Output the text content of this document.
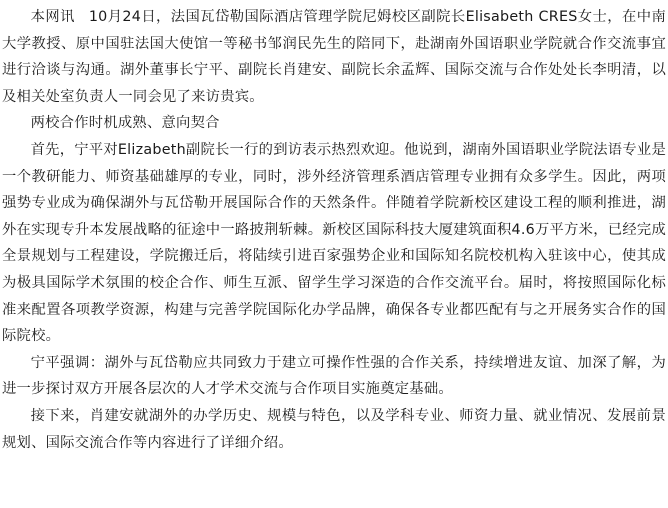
本网讯 10月24日，法国瓦岱勒国际酒店管理学院尼姆校区副院长Elisabeth CRES女士，在中南大学教授、原中国驻法国大使馆一等秘书邹润民先生的陪同下，赴湖南外国语职业学院就合作交流事宜进行洽谈与沟通。湖外董事长宁平、副院长肖建安、副院长余孟辉、国际交流与合作处处长李明清，以及相关处室负责人一同会见了来访贵宾。

两校合作时机成熟、意向契合

首先，宁平对Elizabeth副院长一行的到访表示热烈欢迎。他说到，湖南外国语职业学院法语专业是一个教研能力、师资基础雄厚的专业，同时，涉外经济管理系酒店管理专业拥有众多学生。因此，两项强势专业成为确保湖外与瓦岱勒开展国际合作的天然条件。伴随着学院新校区建设工程的顺利推进，湖外在实现专升本发展战略的征途中一路披荆斩棘。新校区国际科技大厦建筑面积4.6万平方米，已经完成全景规划与工程建设，学院搬迁后，将陆续引进百家强势企业和国际知名院校机构入驻该中心，使其成为极具国际学术氛围的校企合作、师生互派、留学生学习深造的合作交流平台。届时，将按照国际化标准来配置各项教学资源，构建与完善学院国际化办学品牌，确保各专业都匹配有与之开展务实合作的国际院校。

宁平强调：湖外与瓦岱勒应共同致力于建立可操作性强的合作关系，持续增进友谊、加深了解，为进一步探讨双方开展各层次的人才学术交流与合作项目实施奠定基础。

接下来，肖建安就湖外的办学历史、规模与特色，以及学科专业、师资力量、就业情况、发展前景规划、国际交流合作等内容进行了详细介绍。
